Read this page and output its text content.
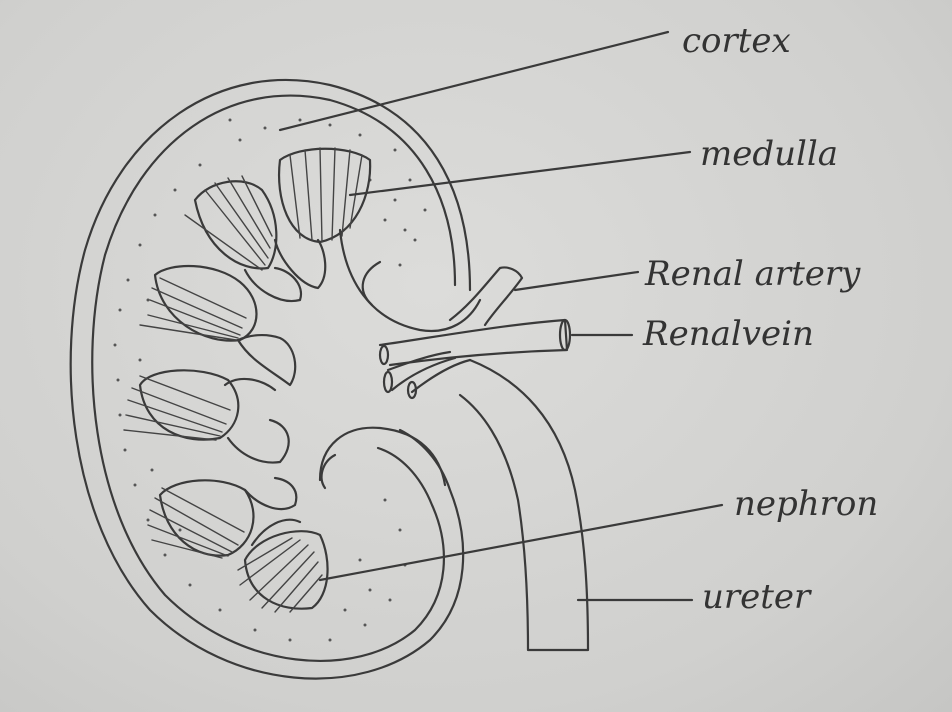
cortex
medulla
Renal artery
Renalvein
nephron
ureter
